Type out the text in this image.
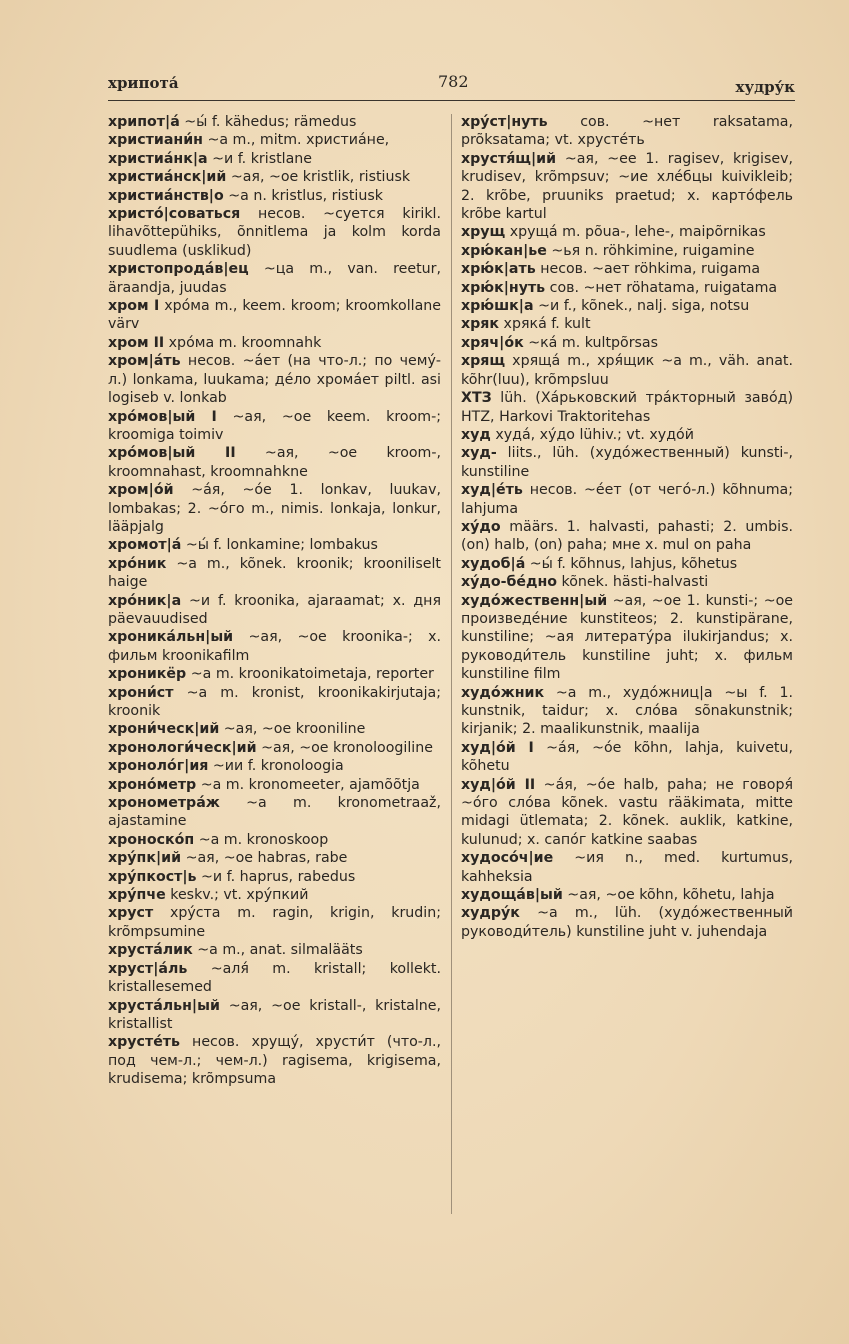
хрипота́	782	худру́к
хрипот|а́ ~ы́ f. kähedus; rämedus
христиани́н ~а m., mitm. христиа́не,
христиа́нк|а ~и f. kristlane
христиа́нск|ий ~ая, ~ое kristlik, ristiusk
христиа́нств|о ~а n. kristlus, ristiusk
христо́|соваться несов. ~суется kirikl. lihavõttepühiks, õnnitlema ja kolm korda suudlema (usklikud)
христопрода́в|ец ~ца m., van. reetur, äraandja, juudas
хром I хро́ма m., keem. kroom; kroomkollane värv
хром II хро́ма m. kroomnahk
хром|а́ть несов. ~а́ет (на что-л.; по чему́-л.) lonkama, luukama; де́ло хрома́ет piltl. asi logiseb v. lonkab
хро́мов|ый I ~ая, ~ое keem. kroom-; kroomiga toimiv
хро́мов|ый II ~ая, ~ое kroom-, kroomnahast, kroomnahkne
хром|о́й ~а́я, ~о́е 1. lonkav, luukav, lombakas; 2. ~о́го m., nimis. lonkaja, lonkur, lääpjalg
хромот|а́ ~ы́ f. lonkamine; lombakus
хро́ник ~а m., kõnek. kroonik; krooniliselt haige
хро́ник|а ~и f. kroonika, ajaraamat; х. дня päevauudised
хроника́льн|ый ~ая, ~ое kroonika-; х. фильм kroonikafilm
хроникёр ~а m. kroonikatoimetaja, reporter
хрони́ст ~а m. kronist, kroonikakirjutaja; kroonik
хрони́ческ|ий ~ая, ~ое krooniline
хронологи́ческ|ий ~ая, ~ое kronoloogiline
хроноло́г|ия ~ии f. kronoloogia
хроно́метр ~а m. kronomeeter, ajamõõtja
хронометра́ж ~а m. kronometraaž, ajastamine
хроноско́п ~а m. kronoskoop
хру́пк|ий ~ая, ~ое habras, rabe
хру́пкост|ь ~и f. haprus, rabedus
хру́пче keskv.; vt. хру́пкий
хруст хру́ста m. ragin, krigin, krudin; krõmpsumine
хруста́лик ~а m., anat. silmalääts
хруст|а́ль ~аля́ m. kristall; kollekt. kristallesemed
хруста́льн|ый ~ая, ~ое kristall-, kristalne, kristallist
хрусте́ть несов. хрущу́, хрусти́т (что-л., под чем-л.; чем-л.) ragisema, krigisema, krudisema; krõmpsuma
хру́ст|нуть сов. ~нет raksatama, prõksatama; vt. хрусте́ть
хрустя́щ|ий ~ая, ~ее 1. ragisev, krigisev, krudisev, krõmpsuv; ~ие хле́бцы kuivikleib; 2. krõbe, pruuniks praetud; х. карто́фель krõbe kartul
хрущ хруща́ m. põua-, lehe-, maipõrnikas
хрю́кан|ье ~ья n. röhkimine, ruigamine
хрю́к|ать несов. ~ает röhkima, ruigama
хрю́к|нуть сов. ~нет röhatama, ruigatama
хрю́шк|а ~и f., kõnek., nalj. siga, notsu
хряк хряка́ f. kult
хряч|о́к ~ка́ m. kultpõrsas
хрящ хряща́ m., хря́щик ~а m., väh. anat. kõhr(luu), krõmpsluu
ХТЗ lüh. (Ха́рьковский тра́кторный заво́д) HTZ, Harkovi Traktoritehas
худ худа́, ху́до lühiv.; vt. худо́й
худ- liits., lüh. (худо́жественный) kunsti-, kunstiline
худ|е́ть несов. ~е́ет (от чего́-л.) kõhnuma; lahjuma
ху́до määrs. 1. halvasti, pahasti; 2. umbis. (on) halb, (on) paha; мне х. mul on paha
худоб|а́ ~ы́ f. kõhnus, lahjus, kõhetus
ху́до-бе́дно kõnek. hästi-halvasti
худо́жественн|ый ~ая, ~ое 1. kunsti-; ~ое произведе́ние kunstiteos; 2. kunstipärane, kunstiline; ~ая литерату́ра ilukirjandus; х. руководи́тель kunstiline juht; х. фильм kunstiline film
худо́жник ~а m., худо́жниц|а ~ы f. 1. kunstnik, taidur; х. сло́ва sõnakunstnik; kirjanik; 2. maalikunstnik, maalija
худ|о́й I ~а́я, ~о́е kõhn, lahja, kuivetu, kõhetu
худ|о́й II ~а́я, ~о́е halb, paha; не говоря́ ~о́го сло́ва kõnek. vastu rääkimata, mitte midagi ütlemata; 2. kõnek. auklik, katkine, kulunud; х. сапо́г katkine saabas
худосо́ч|ие ~ия n., med. kurtumus, kahheksia
худоща́в|ый ~ая, ~ое kõhn, kõhetu, lahja
худру́к ~а m., lüh. (худо́жественный руководи́тель) kunstiline juht v. juhendaja
